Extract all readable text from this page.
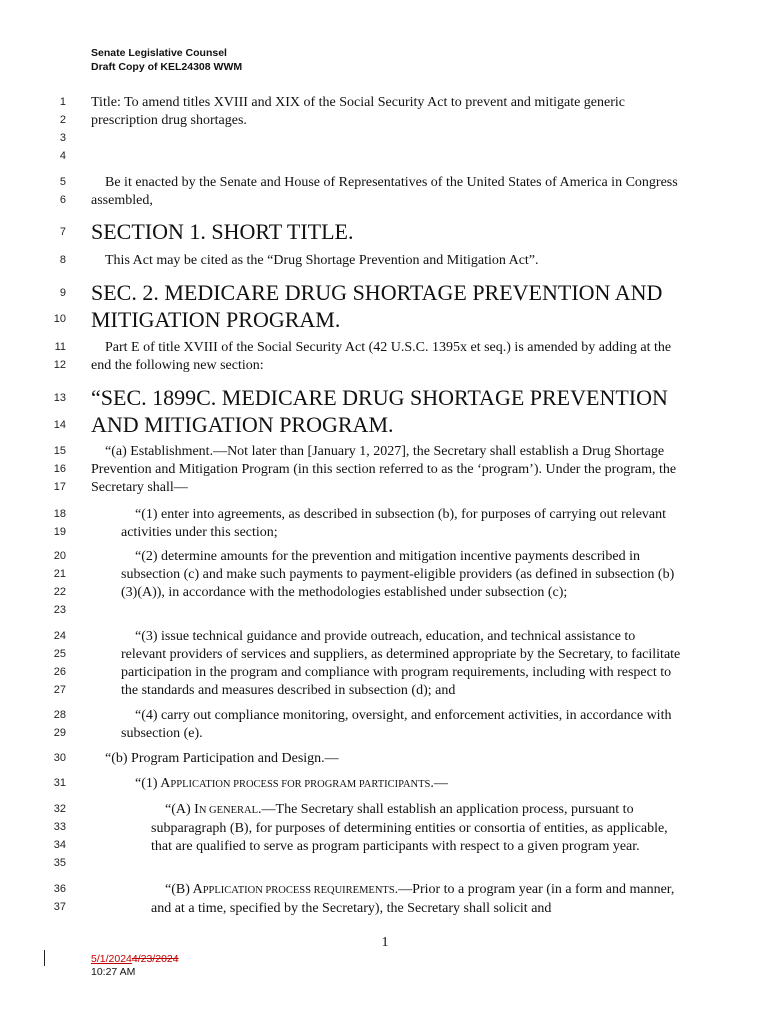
Senate Legislative Counsel
Draft Copy of KEL24308 WWM
1
2
3
4
5
6
7
8
9
10
11
12
13
14
15
16
17
18
19
20
21
22
23
24
25
26
27
28
29
30
31
32
33
34
35
36
37
Title: To amend titles XVIII and XIX of the Social Security Act to prevent and mitigate generic prescription drug shortages.
Be it enacted by the Senate and House of Representatives of the United States of America in Congress assembled,
SECTION 1. SHORT TITLE.
This Act may be cited as the “Drug Shortage Prevention and Mitigation Act”.
SEC. 2. MEDICARE DRUG SHORTAGE PREVENTION AND MITIGATION PROGRAM.
Part E of title XVIII of the Social Security Act (42 U.S.C. 1395x et seq.) is amended by adding at the end the following new section:
“SEC. 1899C. MEDICARE DRUG SHORTAGE PREVENTION AND MITIGATION PROGRAM.
“(a) Establishment.—Not later than [January 1, 2027], the Secretary shall establish a Drug Shortage Prevention and Mitigation Program (in this section referred to as the ‘program’). Under the program, the Secretary shall—
“(1) enter into agreements, as described in subsection (b), for purposes of carrying out relevant activities under this section;
“(2) determine amounts for the prevention and mitigation incentive payments described in subsection (c) and make such payments to payment-eligible providers (as defined in subsection (b)(3)(A)), in accordance with the methodologies established under subsection (c);
“(3) issue technical guidance and provide outreach, education, and technical assistance to relevant providers of services and suppliers, as determined appropriate by the Secretary, to facilitate participation in the program and compliance with program requirements, including with respect to the standards and measures described in subsection (d); and
“(4) carry out compliance monitoring, oversight, and enforcement activities, in accordance with subsection (e).
“(b) Program Participation and Design.—
“(1) APPLICATION PROCESS FOR PROGRAM PARTICIPANTS.—
“(A) IN GENERAL.—The Secretary shall establish an application process, pursuant to subparagraph (B), for purposes of determining entities or consortia of entities, as applicable, that are qualified to serve as program participants with respect to a given program year.
“(B) APPLICATION PROCESS REQUIREMENTS.—Prior to a program year (in a form and manner, and at a time, specified by the Secretary), the Secretary shall solicit and
1
5/1/20244/23/2024
10:27 AM
